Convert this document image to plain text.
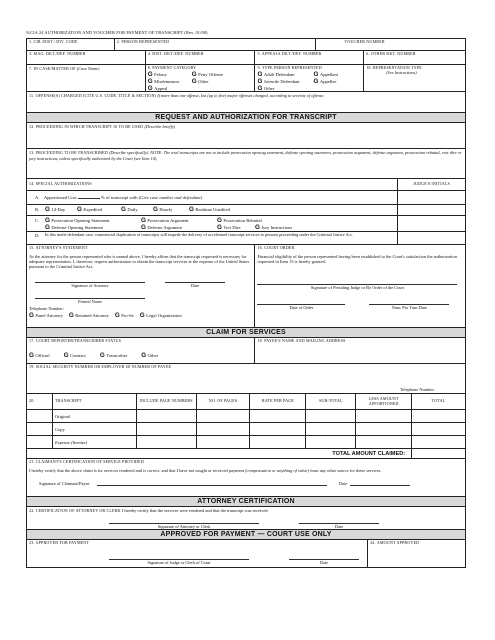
%CJA 24 AUTHORIZATION AND VOUCHER FOR PAYMENT OF TRANSCRIPT (Rev. 01/08)
1. CIR./DIST./ DIV. CODE	2. PERSON REPRESENTED	VOUCHER NUMBER
3. MAG. DKT./DEF. NUMBER	4. DIST. DKT./DEF. NUMBER	5. APPEALS DKT./DEF. NUMBER	6. OTHER DKT. NUMBER
7. IN CASE/MATTER OF (Case Name)	8. PAYMENT CATEGORY
G Felony	G Petty Offense
G Misdemeanor G Other
G Appeal
9. TYPE PERSON REPRESENTED
G Adult Defendant	G Appellant
G Juvenile Defendant G Appellee
G Other
10. REPRESENTATION TYPE
(See Instructions)
11. OFFENSE(S) CHARGED (CITE U.S. CODE, TITLE & SECTION) If more than one offense, list (up to five) major offenses charged, according to severity of offense.
REQUEST AND AUTHORIZATION FOR TRANSCRIPT
12. PROCEEDING IN WHICH TRANSCRIPT IS TO BE USED (Describe briefly)
13. PROCEEDING TO BE TRANSCRIBED (Describe specifically). NOTE: The trial transcripts are not to include prosecution opening statement, defense opening statement, prosecution argument, defense argument, prosecution rebuttal, voir dire or jury instructions, unless specifically authorized by the Court (see Item 14).
14. SPECIAL AUTHORIZATIONS	JUDGE'S INITIALS
A. Apportioned Cost	% of transcript with (Give case number and defendant)
B. G 14-Day G Expedited	G Daily G Hourly	G Realtime Unedited
C. G Prosecution Opening Statement	G Prosecution Argument	G Prosecution Rebuttal
G Defense Opening Statement	G Defense Argument	G Voir Dire G Jury Instructions
D.	In this multi-defendant case, commercial duplication of transcripts will impede the delivery of accelerated transcript services to persons proceeding under the Criminal Justice Act.
15. ATTORNEY'S STATEMENT
As the attorney for the person represented who is named above, I hereby affirm that the transcript requested is necessary for adequate representation. I, therefore, request authorization to obtain the transcript services at the expense of the United States pursuant to the Criminal Justice Act.
Signature of Attorney	Date
Printed Name
Telephone Number:
G Panel Attorney G Retained Attorney G Pro-Se G Legal Organization
16. COURT ORDER
Financial eligibility of the person represented having been established to the Court's satisfaction the authorization requested in Item 15 is hereby granted.
Signature of Presiding Judge or By Order of the Court
Date of Order	Nunc Pro Tunc Date
CLAIM FOR SERVICES
17. COURT REPORTER/TRANSCRIBER STATUS
G Official G Contract G Transcriber G Other
18. PAYEE'S NAME AND MAILING ADDRESS
19. SOCIAL SECURITY NUMBER OR EMPLOYER ID NUMBER OF PAYEE
Telephone Number:
20.	TRANSCRIPT	INCLUDE PAGE NUMBERS	NO. OF PAGES	RATE PER PAGE	SUB-TOTAL	LESS AMOUNT APPORTIONED	TOTAL
Original
Copy
Expense (Itemize)
TOTAL AMOUNT CLAIMED:
21. CLAIMANT'S CERTIFICATION OF SERVICE PROVIDED
I hereby certify that the above claim is for services rendered and is correct, and that I have not sought or received payment (compensation or anything of value) from any other source for these services.
Signature of Claimant/Payee	Date
ATTORNEY CERTIFICATION
22. CERTIFICATION OF ATTORNEY OR CLERK I hereby certify that the services were rendered and that the transcript was received.
Signature of Attorney or Clerk	Date
APPROVED FOR PAYMENT — COURT USE ONLY
23. APPROVED FOR PAYMENT
Signature of Judge or Clerk of Court	Date
24. AMOUNT APPROVED
